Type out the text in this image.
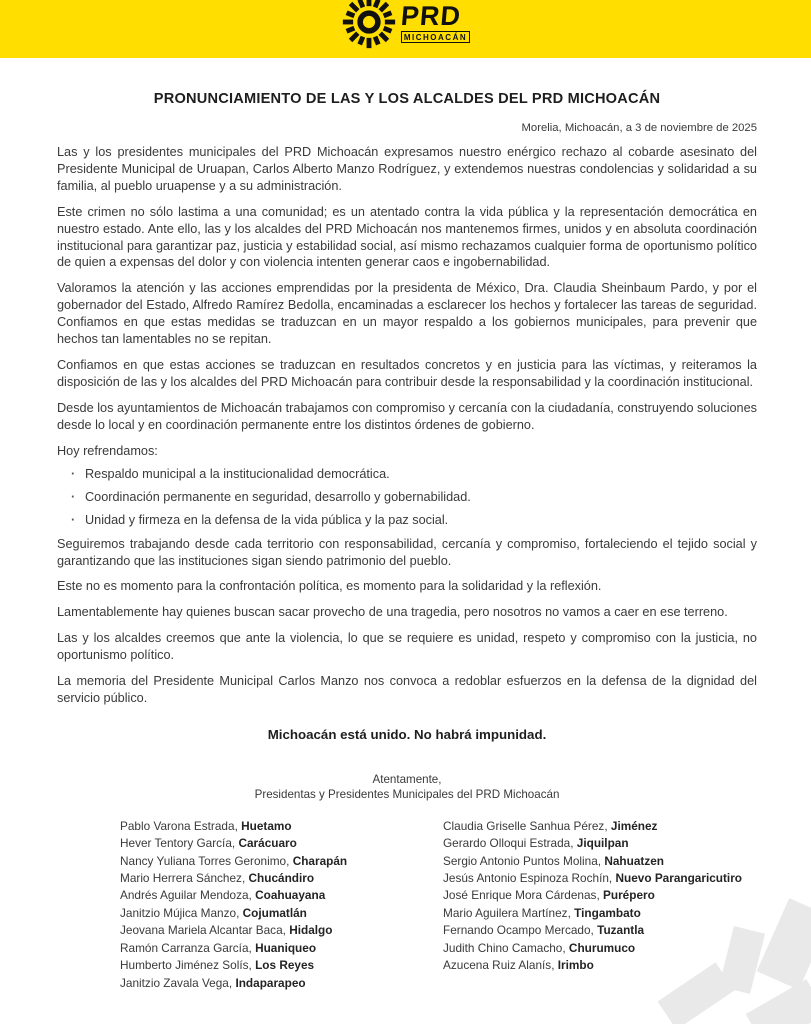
PRD
MICHOACÁN
PRONUNCIAMIENTO DE LAS Y LOS ALCALDES DEL PRD MICHOACÁN
Morelia, Michoacán, a 3 de noviembre de 2025

Las y los presidentes municipales del PRD Michoacán expresamos nuestro enérgico rechazo al cobarde asesinato del Presidente Municipal de Uruapan, Carlos Alberto Manzo Rodríguez, y extendemos nuestras condolencias y solidaridad a su familia, al pueblo uruapense y a su administración.

Este crimen no sólo lastima a una comunidad; es un atentado contra la vida pública y la representación democrática en nuestro estado. Ante ello, las y los alcaldes del PRD Michoacán nos mantenemos firmes, unidos y en absoluta coordinación institucional para garantizar paz, justicia y estabilidad social, así mismo rechazamos cualquier forma de oportunismo político de quien a expensas del dolor y con violencia intenten generar caos e ingobernabilidad.

Valoramos la atención y las acciones emprendidas por la presidenta de México, Dra. Claudia Sheinbaum Pardo, y por el gobernador del Estado, Alfredo Ramírez Bedolla, encaminadas a esclarecer los hechos y fortalecer las tareas de seguridad. Confiamos en que estas medidas se traduzcan en un mayor respaldo a los gobiernos municipales, para prevenir que hechos tan lamentables no se repitan.

Confiamos en que estas acciones se traduzcan en resultados concretos y en justicia para las víctimas, y reiteramos la disposición de las y los alcaldes del PRD Michoacán para contribuir desde la responsabilidad y la coordinación institucional.

Desde los ayuntamientos de Michoacán trabajamos con compromiso y cercanía con la ciudadanía, construyendo soluciones desde lo local y en coordinación permanente entre los distintos órdenes de gobierno.

Hoy refrendamos:
· Respaldo municipal a la institucionalidad democrática.
· Coordinación permanente en seguridad, desarrollo y gobernabilidad.
· Unidad y firmeza en la defensa de la vida pública y la paz social.

Seguiremos trabajando desde cada territorio con responsabilidad, cercanía y compromiso, fortaleciendo el tejido social y garantizando que las instituciones sigan siendo patrimonio del pueblo.

Este no es momento para la confrontación política, es momento para la solidaridad y la reflexión.

Lamentablemente hay quienes buscan sacar provecho de una tragedia, pero nosotros no vamos a caer en ese terreno.

Las y los alcaldes creemos que ante la violencia, lo que se requiere es unidad, respeto y compromiso con la justicia, no oportunismo político.

La memoria del Presidente Municipal Carlos Manzo nos convoca a redoblar esfuerzos en la defensa de la dignidad del servicio público.

Michoacán está unido. No habrá impunidad.
Atentamente,
Presidentas y Presidentes Municipales del PRD Michoacán
Pablo Varona Estrada, Huetamo
Hever Tentory García, Carácuaro
Nancy Yuliana Torres Geronimo, Charapán
Mario Herrera Sánchez, Chucándiro
Andrés Aguilar Mendoza, Coahuayana
Janitzio Mújica Manzo, Cojumatlán
Jeovana Mariela Alcantar Baca, Hidalgo
Ramón Carranza García, Huaniqueo
Humberto Jiménez Solís, Los Reyes
Janitzio Zavala Vega, Indaparapeo
Claudia Griselle Sanhua Pérez, Jiménez
Gerardo Olloqui Estrada, Jiquilpan
Sergio Antonio Puntos Molina, Nahuatzen
Jesús Antonio Espinoza Rochín, Nuevo Parangaricutiro
José Enrique Mora Cárdenas, Purépero
Mario Aguilera Martínez, Tingambato
Fernando Ocampo Mercado, Tuzantla
Judith Chino Camacho, Churumuco
Azucena Ruiz Alanís, Irimbo
